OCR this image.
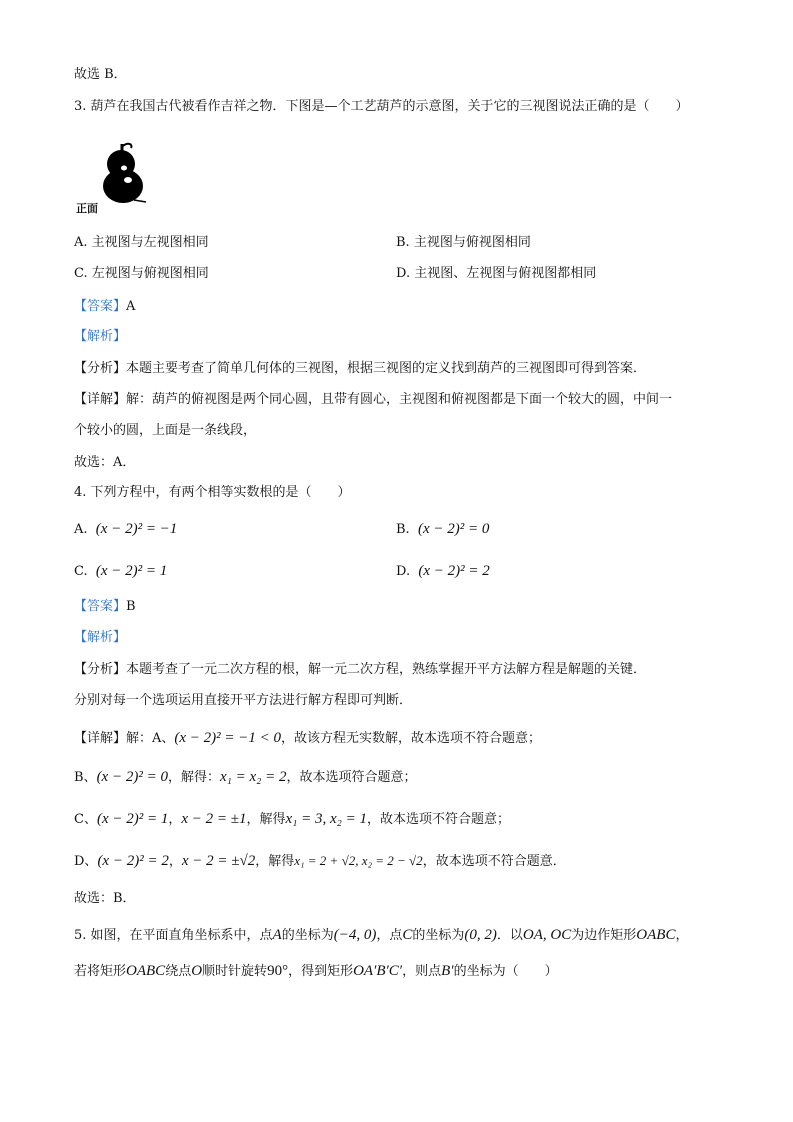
故选 B．
3. 葫芦在我国古代被看作吉祥之物．下图是—个工艺葫芦的示意图，关于它的三视图说法正确的是（　　）
正面
A. 主视图与左视图相同	B. 主视图与俯视图相同
C. 左视图与俯视图相同	D. 主视图、左视图与俯视图都相同
【答案】A
【解析】
【分析】本题主要考查了简单几何体的三视图，根据三视图的定义找到葫芦的三视图即可得到答案．
【详解】解：葫芦的俯视图是两个同心圆，且带有圆心，主视图和俯视图都是下面一个较大的圆，中间一
个较小的圆，上面是一条线段，
故选：A．
4. 下列方程中，有两个相等实数根的是（　　）
A. (x − 2)² = −1	B. (x − 2)² = 0
C. (x − 2)² = 1	D. (x − 2)² = 2
【答案】B
【解析】
【分析】本题考查了一元二次方程的根，解一元二次方程，熟练掌握开平方法解方程是解题的关键．
分别对每一个选项运用直接开平方法进行解方程即可判断．
【详解】解：A、(x − 2)² = −1 < 0，故该方程无实数解，故本选项不符合题意；
B、(x − 2)² = 0，解得：x₁ = x₂ = 2，故本选项符合题意；
C、(x − 2)² = 1，x − 2 = ±1，解得x₁ = 3, x₂ = 1，故本选项不符合题意；
D、(x − 2)² = 2，x − 2 = ±√2，解得x₁ = 2 + √2, x₂ = 2 − √2，故本选项不符合题意．
故选：B．
5. 如图，在平面直角坐标系中，点A的坐标为(−4, 0)，点C的坐标为(0, 2)．以OA, OC为边作矩形OABC，
若将矩形OABC绕点O顺时针旋转90°，得到矩形OA′B′C′，则点B′的坐标为（　　）
